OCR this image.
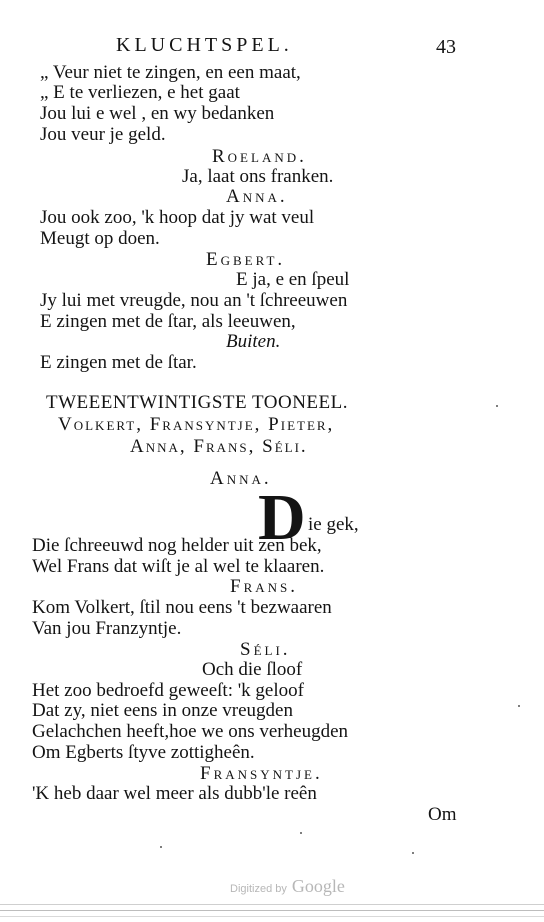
KLUCHTSPEL.	43
„ Veur niet te zingen, en een maat,
„ E te verliezen, e het gaat
Jou lui e wel , en wy bedanken
Jou veur je geld.
Roeland.
Ja, laat ons franken.
Anna.
Jou ook zoo, 'k hoop dat jy wat veul
Meugt op doen.
Egbert.
E ja, e en ſpeul
Jy lui met vreugde, nou an 't ſchreeuwen
E zingen met de ſtar, als leeuwen,
Buiten.
E zingen met de ſtar.
TWEEENTWINTIGSTE TOONEEL.
Volkert, Fransyntje, Pieter,
Anna, Frans, Séli.
Anna.
D ie gek,
Die ſchreeuwd nog helder uit zen bek,
Wel Frans dat wiſt je al wel te klaaren.
Frans.
Kom Volkert, ſtil nou eens 't bezwaaren
Van jou Franzyntje.
Séli.
Och die ſloof
Het zoo bedroefd geweeſt: 'k geloof
Dat zy, niet eens in onze vreugden
Gelachchen heeft,hoe we ons verheugden
Om Egberts ſtyve zottigheên.
Fransyntje.
'K heb daar wel meer als dubb'le reên
Om
Digitized by Google
